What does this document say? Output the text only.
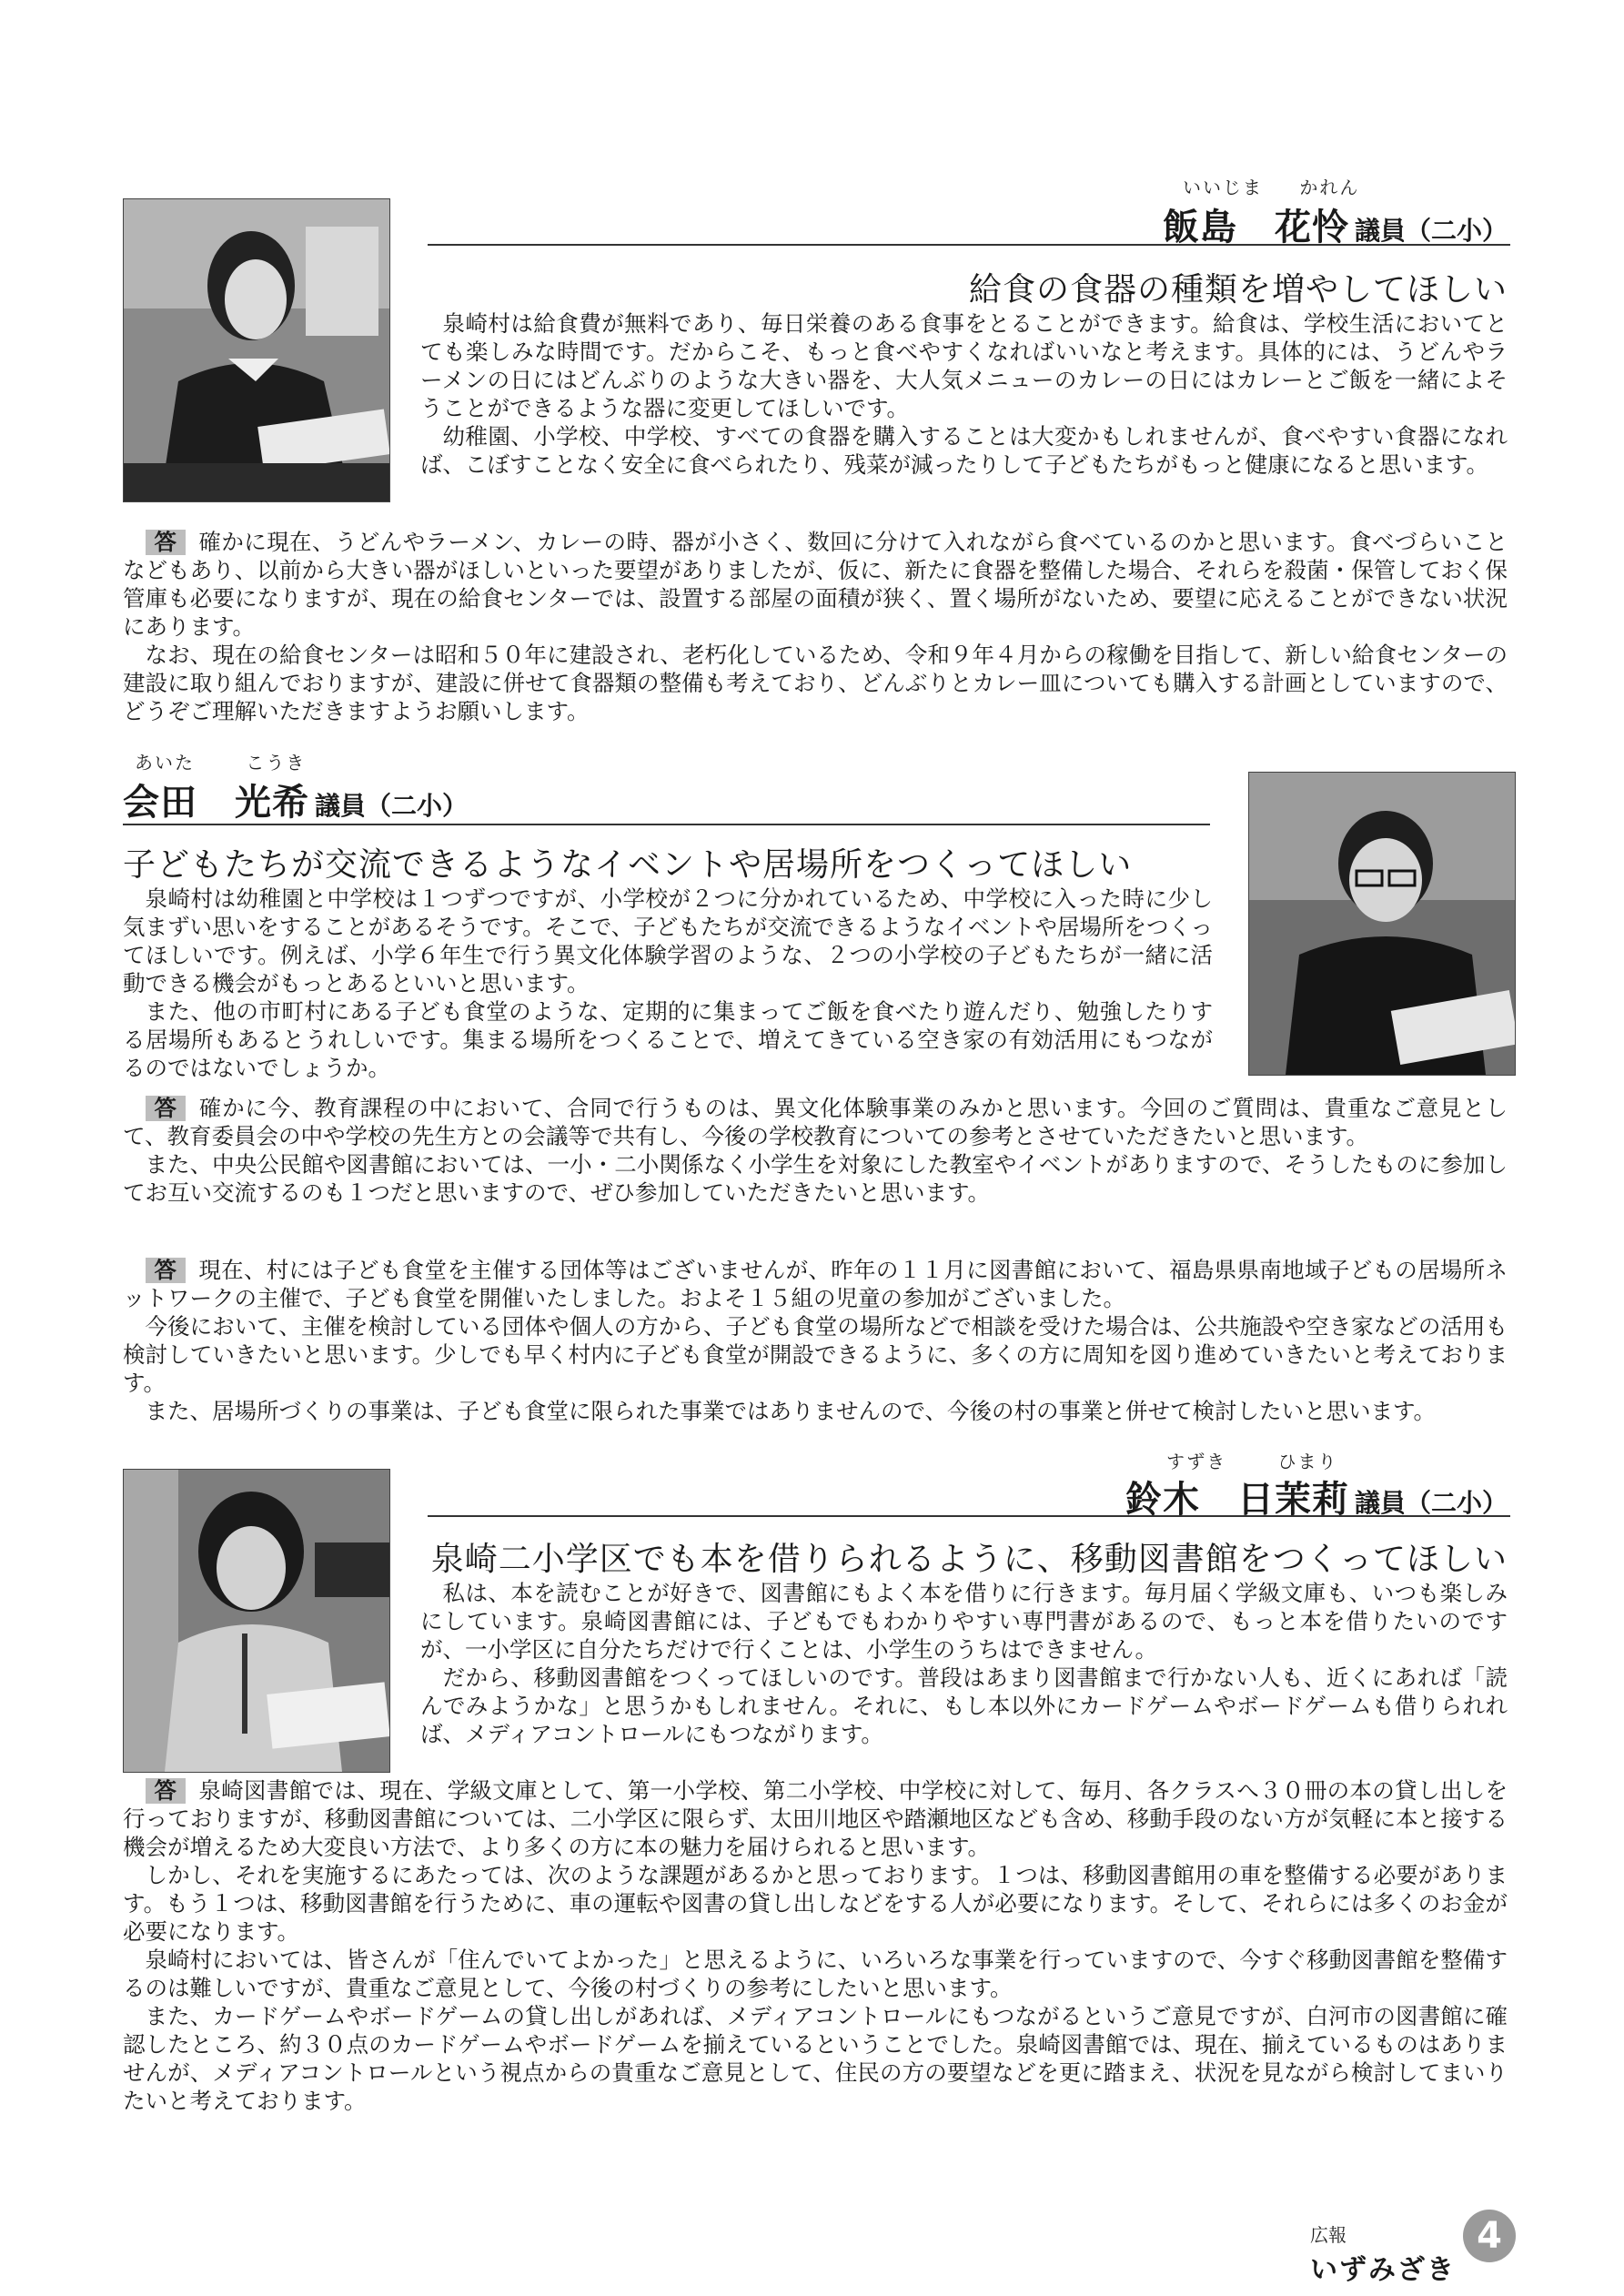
いいじま かれん
飯島　花怜 議員（二小）
給食の食器の種類を増やしてほしい

泉崎村は給食費が無料であり、毎日栄養のある食事をとることができます。給食は、学校生活においてとても楽しみな時間です。だからこそ、もっと食べやすくなればいいなと考えます。具体的には、うどんやラーメンの日にはどんぶりのような大きい器を、大人気メニューのカレーの日にはカレーとご飯を一緒によそうことができるような器に変更してほしいです。

幼稚園、小学校、中学校、すべての食器を購入することは大変かもしれませんが、食べやすい食器になれば、こぼすことなく安全に食べられたり、残菜が減ったりして子どもたちがもっと健康になると思います。

答 確かに現在、うどんやラーメン、カレーの時、器が小さく、数回に分けて入れながら食べているのかと思います。食べづらいことなどもあり、以前から大きい器がほしいといった要望がありましたが、仮に、新たに食器を整備した場合、それらを殺菌・保管しておく保管庫も必要になりますが、現在の給食センターでは、設置する部屋の面積が狭く、置く場所がないため、要望に応えることができない状況にあります。

なお、現在の給食センターは昭和５０年に建設され、老朽化しているため、令和９年４月からの稼働を目指して、新しい給食センターの建設に取り組んでおりますが、建設に併せて食器類の整備も考えており、どんぶりとカレー皿についても購入する計画としていますので、どうぞご理解いただきますようお願いします。

あいた	こうき
会田　光希 議員（二小）
子どもたちが交流できるようなイベントや居場所をつくってほしい

泉崎村は幼稚園と中学校は１つずつですが、小学校が２つに分かれているため、中学校に入った時に少し気まずい思いをすることがあるそうです。そこで、子どもたちが交流できるようなイベントや居場所をつくってほしいです。例えば、小学６年生で行う異文化体験学習のような、２つの小学校の子どもたちが一緒に活動できる機会がもっとあるといいと思います。

また、他の市町村にある子ども食堂のような、定期的に集まってご飯を食べたり遊んだり、勉強したりする居場所もあるとうれしいです。集まる場所をつくることで、増えてきている空き家の有効活用にもつながるのではないでしょうか。

答 確かに今、教育課程の中において、合同で行うものは、異文化体験事業のみかと思います。今回のご質問は、貴重なご意見として、教育委員会の中や学校の先生方との会議等で共有し、今後の学校教育についての参考とさせていただきたいと思います。

また、中央公民館や図書館においては、一小・二小関係なく小学生を対象にした教室やイベントがありますので、そうしたものに参加してお互い交流するのも１つだと思いますので、ぜひ参加していただきたいと思います。

答 現在、村には子ども食堂を主催する団体等はございませんが、昨年の１１月に図書館において、福島県県南地域子どもの居場所ネットワークの主催で、子ども食堂を開催いたしました。およそ１５組の児童の参加がございました。

今後において、主催を検討している団体や個人の方から、子ども食堂の場所などで相談を受けた場合は、公共施設や空き家などの活用も検討していきたいと思います。少しでも早く村内に子ども食堂が開設できるように、多くの方に周知を図り進めていきたいと考えております。

また、居場所づくりの事業は、子ども食堂に限られた事業ではありませんので、今後の村の事業と併せて検討したいと思います。

すずき	ひまり
鈴木　日茉莉 議員（二小）
泉崎二小学区でも本を借りられるように、移動図書館をつくってほしい

私は、本を読むことが好きで、図書館にもよく本を借りに行きます。毎月届く学級文庫も、いつも楽しみにしています。泉崎図書館には、子どもでもわかりやすい専門書があるので、もっと本を借りたいのですが、一小学区に自分たちだけで行くことは、小学生のうちはできません。

だから、移動図書館をつくってほしいのです。普段はあまり図書館まで行かない人も、近くにあれば「読んでみようかな」と思うかもしれません。それに、もし本以外にカードゲームやボードゲームも借りられれば、メディアコントロールにもつながります。

答 泉崎図書館では、現在、学級文庫として、第一小学校、第二小学校、中学校に対して、毎月、各クラスへ３０冊の本の貸し出しを行っておりますが、移動図書館については、二小学区に限らず、太田川地区や踏瀬地区なども含め、移動手段のない方が気軽に本と接する機会が増えるため大変良い方法で、より多くの方に本の魅力を届けられると思います。

しかし、それを実施するにあたっては、次のような課題があるかと思っております。１つは、移動図書館用の車を整備する必要があります。もう１つは、移動図書館を行うために、車の運転や図書の貸し出しなどをする人が必要になります。そして、それらには多くのお金が必要になります。

泉崎村においては、皆さんが「住んでいてよかった」と思えるように、いろいろな事業を行っていますので、今すぐ移動図書館を整備するのは難しいですが、貴重なご意見として、今後の村づくりの参考にしたいと思います。

また、カードゲームやボードゲームの貸し出しがあれば、メディアコントロールにもつながるというご意見ですが、白河市の図書館に確認したところ、約３０点のカードゲームやボードゲームを揃えているということでした。泉崎図書館では、現在、揃えているものはありませんが、メディアコントロールという視点からの貴重なご意見として、住民の方の要望などを更に踏まえ、状況を見ながら検討してまいりたいと考えております。

広報
いずみざき
4
